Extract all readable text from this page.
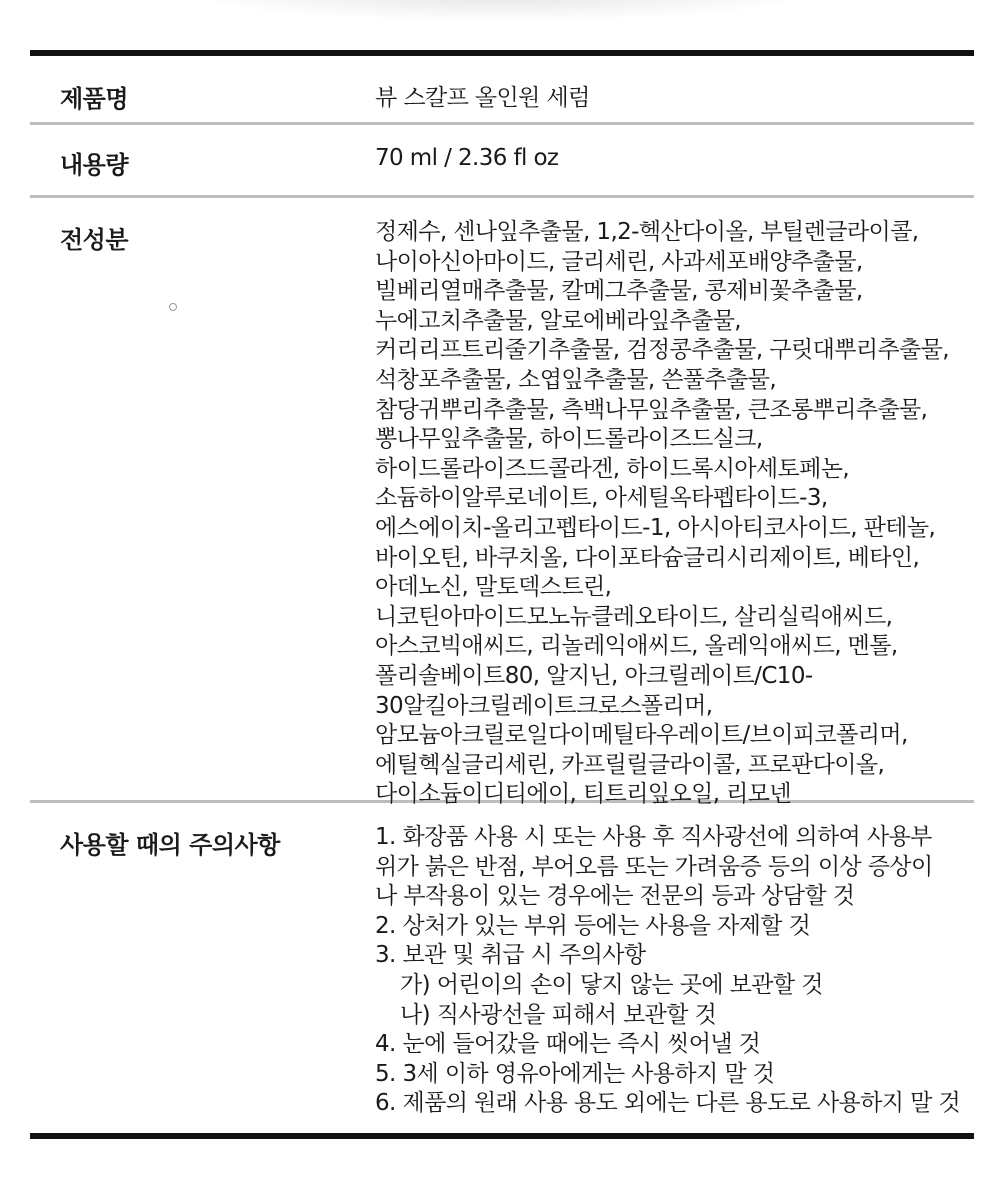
제품명	뷰 스칼프 올인원 세럼
내용량	70 ml / 2.36 fl oz
전성분	정제수, 센나잎추출물, 1,2-헥산다이올, 부틸렌글라이콜, 나이아신아마이드, 글리세린, 사과세포배양추출물, 빌베리열매추출물, 칼메그추출물, 콩제비꽃추출물, 누에고치추출물, 알로에베라잎추출물, 커리리프트리줄기추출물, 검정콩추출물, 구릿대뿌리추출물, 석창포추출물, 소엽잎추출물, 쓴풀추출물, 참당귀뿌리추출물, 측백나무잎추출물, 큰조롱뿌리추출물, 뽕나무잎추출물, 하이드롤라이즈드실크, 하이드롤라이즈드콜라겐, 하이드록시아세토페논, 소듐하이알루로네이트, 아세틸옥타펩타이드-3, 에스에이치-올리고펩타이드-1, 아시아티코사이드, 판테놀, 바이오틴, 바쿠치올, 다이포타슘글리시리제이트, 베타인, 아데노신, 말토덱스트린, 니코틴아마이드모노뉴클레오타이드, 살리실릭애씨드, 아스코빅애씨드, 리놀레익애씨드, 올레익애씨드, 멘톨, 폴리솔베이트80, 알지닌, 아크릴레이트/C10-30알킬아크릴레이트크로스폴리머, 암모늄아크릴로일다이메틸타우레이트/브이피코폴리머, 에틸헥실글리세린, 카프릴릴글라이콜, 프로판다이올, 다이소듐이디티에이, 티트리잎오일, 리모넨
사용할 때의 주의사항	1. 화장품 사용 시 또는 사용 후 직사광선에 의하여 사용부위가 붉은 반점, 부어오름 또는 가려움증 등의 이상 증상이나 부작용이 있는 경우에는 전문의 등과 상담할 것
2. 상처가 있는 부위 등에는 사용을 자제할 것
3. 보관 및 취급 시 주의사항
가) 어린이의 손이 닿지 않는 곳에 보관할 것
나) 직사광선을 피해서 보관할 것
4. 눈에 들어갔을 때에는 즉시 씻어낼 것
5. 3세 이하 영유아에게는 사용하지 말 것
6. 제품의 원래 사용 용도 외에는 다른 용도로 사용하지 말 것
